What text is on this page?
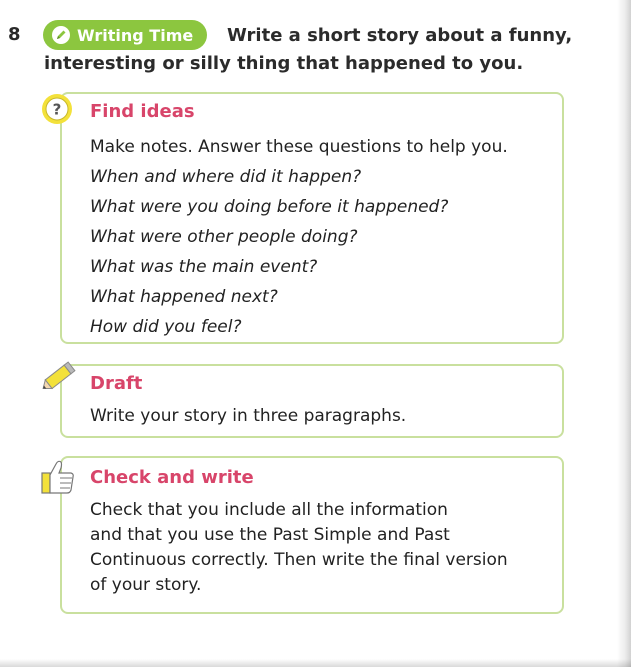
8	Write a short story about a funny, interesting or silly thing that happened to you.
Writing Time
Find ideas
Make notes. Answer these questions to help you.
When and where did it happen?
What were you doing before it happened?
What were other people doing?
What was the main event?
What happened next?
How did you feel?
Draft
Write your story in three paragraphs.
Check and write
Check that you include all the information
and that you use the Past Simple and Past
Continuous correctly. Then write the final version
of your story.
?
